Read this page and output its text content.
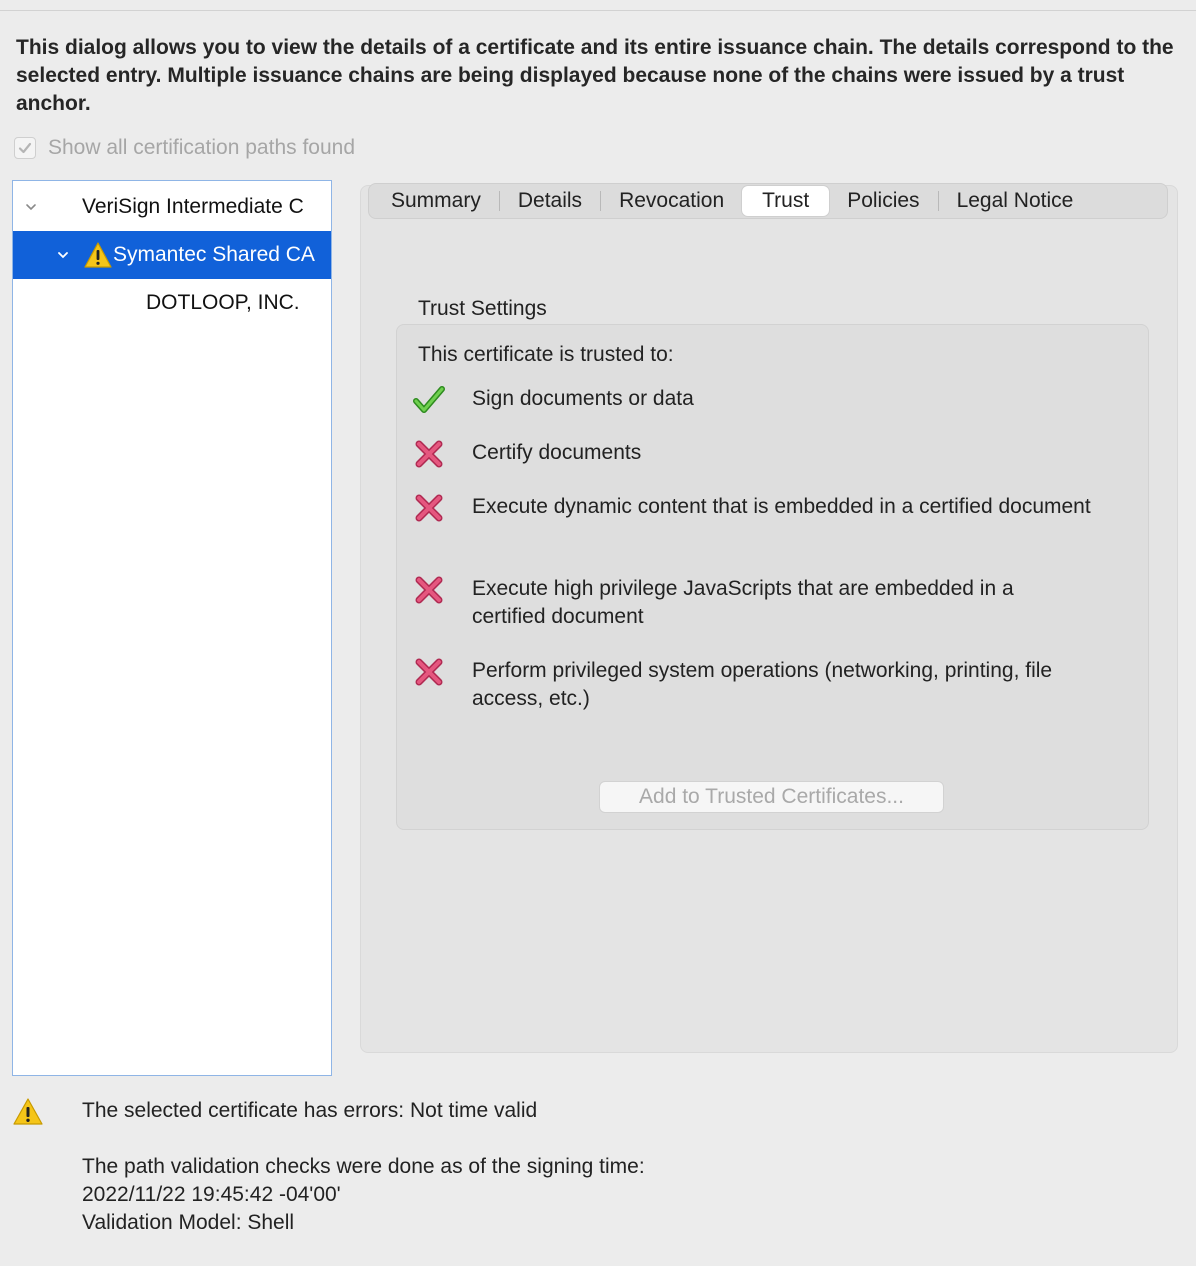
This dialog allows you to view the details of a certificate and its entire issuance chain. The details correspond to the selected entry. Multiple issuance chains are being displayed because none of the chains were issued by a trust anchor.

Show all certification paths found
VeriSign Intermediate C
Symantec Shared CA
DOTLOOP, INC.
Summary	Details	Revocation	Trust	Policies	Legal Notice
Trust Settings
This certificate is trusted to:
Sign documents or data
Certify documents
Execute dynamic content that is embedded in a certified document
Execute high privilege JavaScripts that are embedded in a certified document
Perform privileged system operations (networking, printing, file access, etc.)
Add to Trusted Certificates...
The selected certificate has errors: Not time valid
The path validation checks were done as of the signing time:
2022/11/22 19:45:42 -04'00'
Validation Model: Shell
